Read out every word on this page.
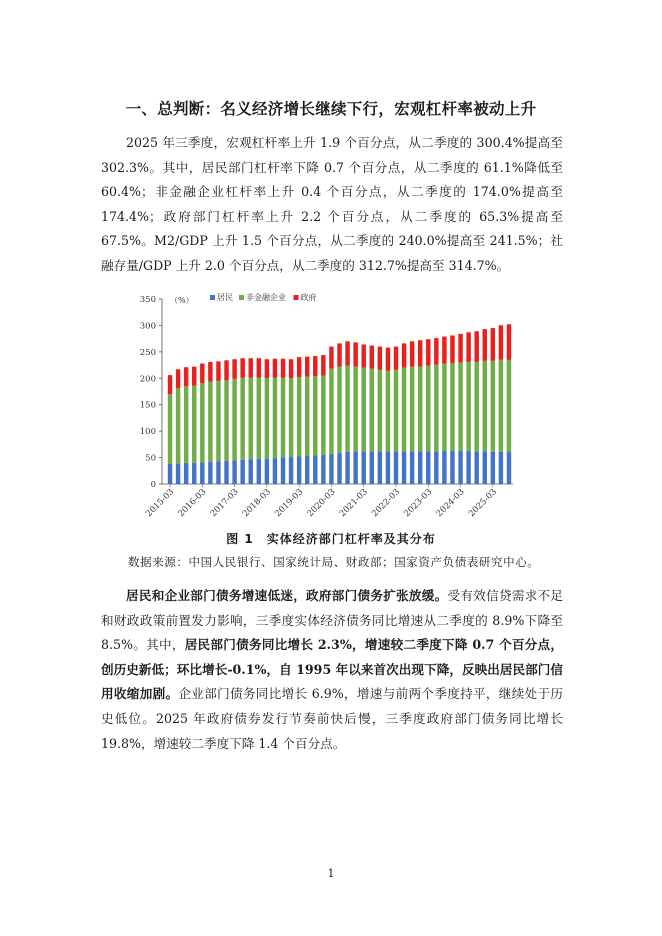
一、总判断：名义经济增长继续下行，宏观杠杆率被动上升

2025 年三季度，宏观杠杆率上升 1.9 个百分点，从二季度的 300.4%提高至 302.3%。其中，居民部门杠杆率下降 0.7 个百分点，从二季度的 61.1%降低至 60.4%；非金融企业杠杆率上升 0.4 个百分点，从二季度的 174.0%提高至 174.4%；政府部门杠杆率上升 2.2 个百分点，从二季度的 65.3%提高至 67.5%。M2/GDP 上升 1.5 个百分点，从二季度的 240.0%提高至 241.5%；社融存量/GDP 上升 2.0 个百分点，从二季度的 312.7%提高至 314.7%。

0
50
100
150
200
250
300
350 （%）
2015-03 2016-03 2017-03 2018-03 2019-03 2020-03 2021-03 2022-03 2023-03 2024-03 2025-03
居民 非金融企业 政府
图 1　实体经济部门杠杆率及其分布
数据来源：中国人民银行、国家统计局、财政部；国家资产负债表研究中心。

居民和企业部门债务增速低迷，政府部门债务扩张放缓。受有效信贷需求不足和财政政策前置发力影响，三季度实体经济债务同比增速从二季度的 8.9%下降至 8.5%。其中，居民部门债务同比增长 2.3%，增速较二季度下降 0.7 个百分点，创历史新低；环比增长-0.1%，自 1995 年以来首次出现下降，反映出居民部门信用收缩加剧。企业部门债务同比增长 6.9%，增速与前两个季度持平，继续处于历史低位。2025 年政府债券发行节奏前快后慢，三季度政府部门债务同比增长 19.8%，增速较二季度下降 1.4 个百分点。

1
